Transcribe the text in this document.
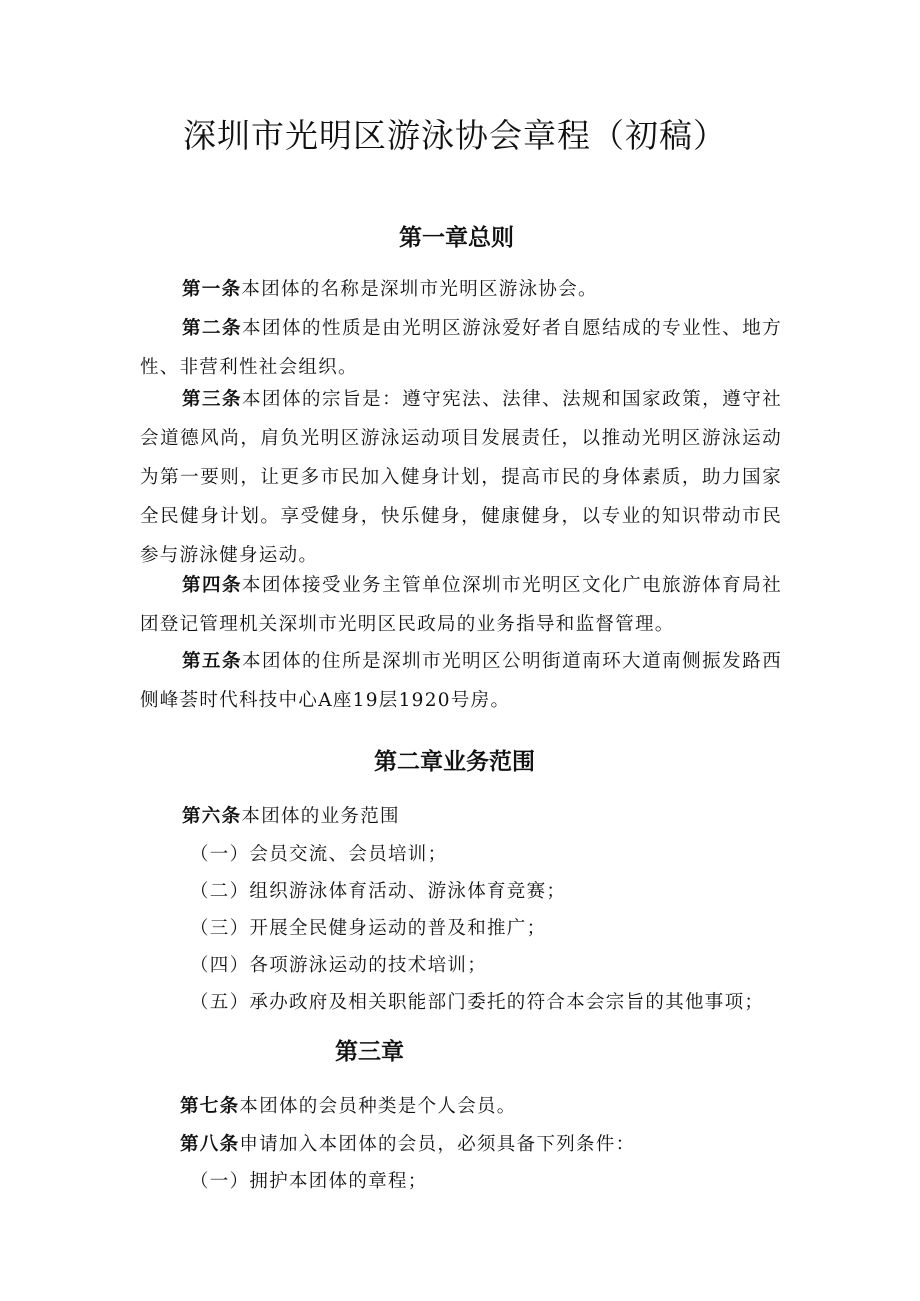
深圳市光明区游泳协会章程（初稿）
第一章总则

第一条本团体的名称是深圳市光明区游泳协会。

第二条本团体的性质是由光明区游泳爱好者自愿结成的专业性、地方性、非营利性社会组织。

第三条本团体的宗旨是：遵守宪法、法律、法规和国家政策，遵守社会道德风尚，肩负光明区游泳运动项目发展责任，以推动光明区游泳运动为第一要则，让更多市民加入健身计划，提高市民的身体素质，助力国家全民健身计划。享受健身，快乐健身，健康健身，以专业的知识带动市民参与游泳健身运动。

第四条本团体接受业务主管单位深圳市光明区文化广电旅游体育局社团登记管理机关深圳市光明区民政局的业务指导和监督管理。

第五条本团体的住所是深圳市光明区公明街道南环大道南侧振发路西侧峰荟时代科技中心A座19层1920号房。

第二章业务范围
第六条本团体的业务范围
（一）会员交流、会员培训；
（二）组织游泳体育活动、游泳体育竞赛；
（三）开展全民健身运动的普及和推广；
（四）各项游泳运动的技术培训；
（五）承办政府及相关职能部门委托的符合本会宗旨的其他事项；
第三章
第七条本团体的会员种类是个人会员。
第八条申请加入本团体的会员，必须具备下列条件：
（一）拥护本团体的章程；
